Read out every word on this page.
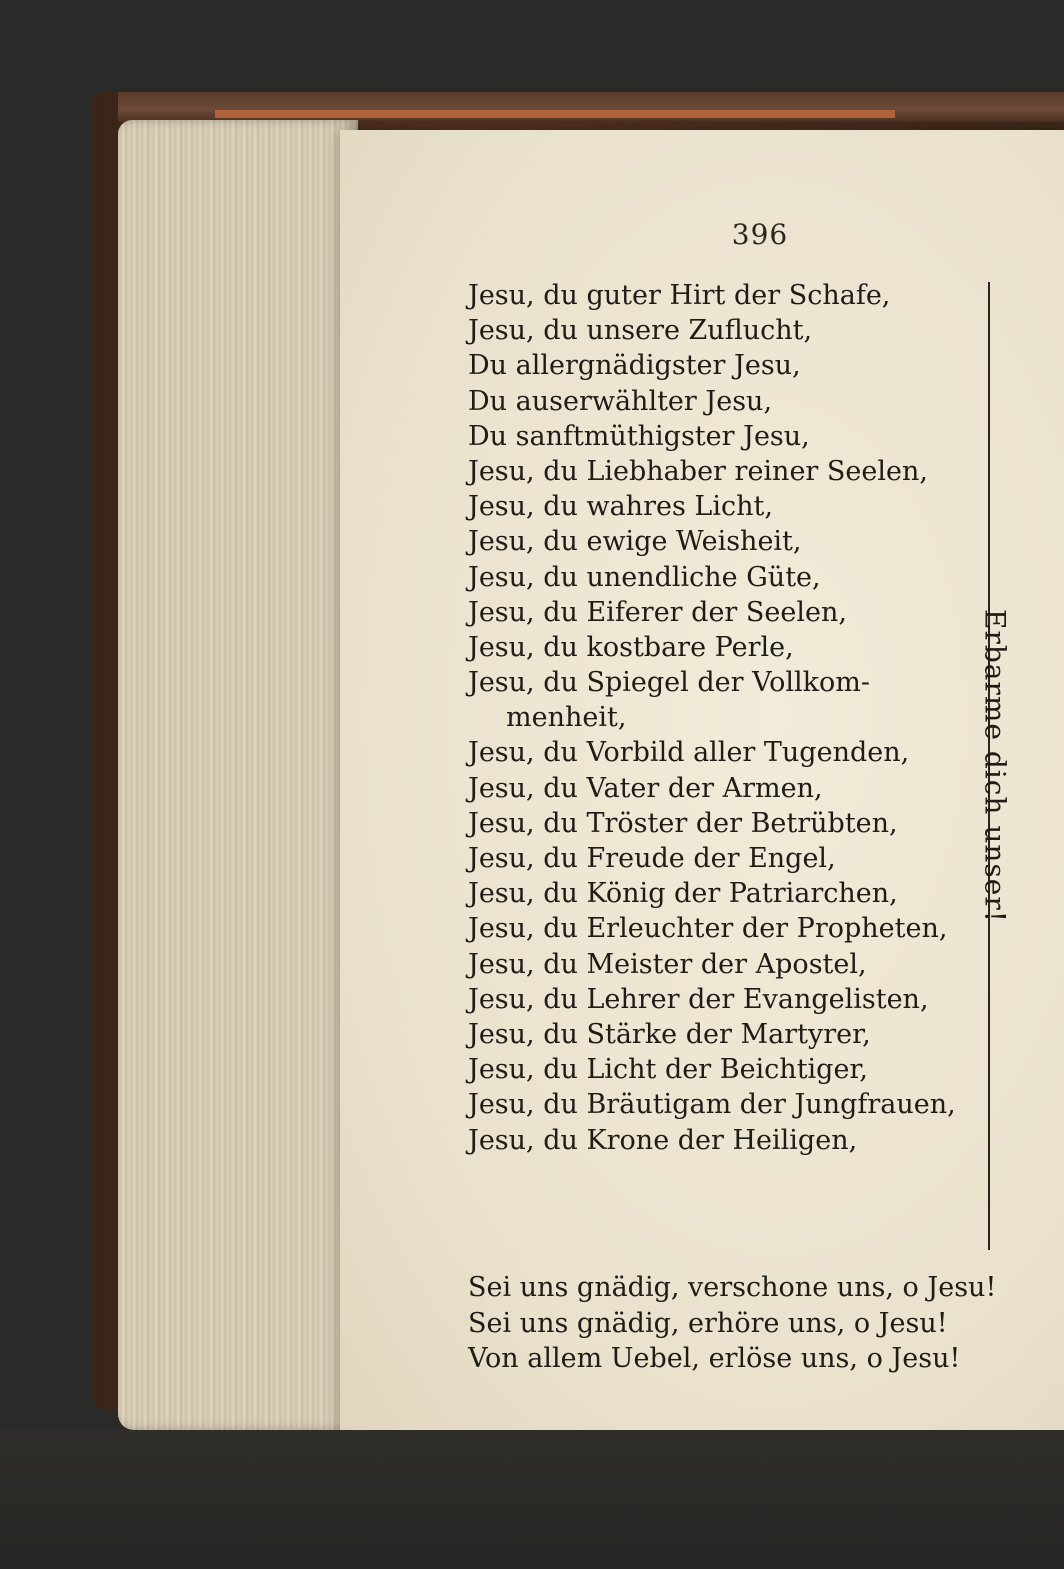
396
Jesu, du guter Hirt der Schafe,
Jesu, du unsere Zuflucht,
Du allergnädigster Jesu,
Du auserwählter Jesu,
Du sanftmüthigster Jesu,
Jesu, du Liebhaber reiner Seelen,
Jesu, du wahres Licht,
Jesu, du ewige Weisheit,
Jesu, du unendliche Güte,
Jesu, du Eiferer der Seelen,
Jesu, du kostbare Perle,
Jesu, du Spiegel der Vollkom-
menheit,
Jesu, du Vorbild aller Tugenden,
Jesu, du Vater der Armen,
Jesu, du Tröster der Betrübten,
Jesu, du Freude der Engel,
Jesu, du König der Patriarchen,
Jesu, du Erleuchter der Propheten,
Jesu, du Meister der Apostel,
Jesu, du Lehrer der Evangelisten,
Jesu, du Stärke der Martyrer,
Jesu, du Licht der Beichtiger,
Jesu, du Bräutigam der Jungfrauen,
Jesu, du Krone der Heiligen,
Erbarme dich unser!
Sei uns gnädig, verschone uns, o Jesu!
Sei uns gnädig, erhöre uns, o Jesu!
Von allem Uebel, erlöse uns, o Jesu!
